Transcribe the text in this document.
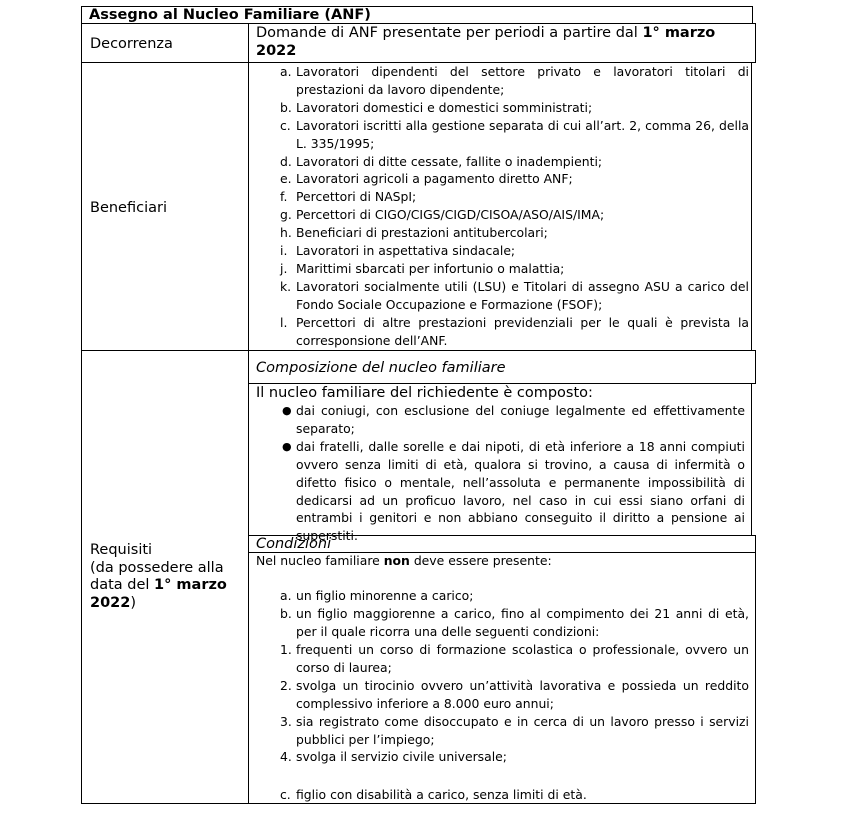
Assegno al Nucleo Familiare (ANF)
Decorrenza
Domande di ANF presentate per periodi a partire dal 1° marzo
2022
Beneficiari
a. Lavoratori dipendenti del settore privato e lavoratori titolari di prestazioni da lavoro dipendente;
b. Lavoratori domestici e domestici somministrati;
c. Lavoratori iscritti alla gestione separata di cui all’art. 2, comma 26, della L. 335/1995;
d. Lavoratori di ditte cessate, fallite o inadempienti;
e. Lavoratori agricoli a pagamento diretto ANF;
f. Percettori di NASpI;
g. Percettori di CIGO/CIGS/CIGD/CISOA/ASO/AIS/IMA;
h. Beneficiari di prestazioni antitubercolari;
i. Lavoratori in aspettativa sindacale;
j. Marittimi sbarcati per infortunio o malattia;
k. Lavoratori socialmente utili (LSU) e Titolari di assegno ASU a carico del Fondo Sociale Occupazione e Formazione (FSOF);
l. Percettori di altre prestazioni previdenziali per le quali è prevista la corresponsione dell’ANF.
Requisiti
(da possedere alla
data del 1° marzo
2022)
Composizione del nucleo familiare
Il nucleo familiare del richiedente è composto:
● dai coniugi, con esclusione del coniuge legalmente ed effettivamente separato;
● dai fratelli, dalle sorelle e dai nipoti, di età inferiore a 18 anni compiuti ovvero senza limiti di età, qualora si trovino, a causa di infermità o difetto fisico o mentale, nell’assoluta e permanente impossibilità di dedicarsi ad un proficuo lavoro, nel caso in cui essi siano orfani di entrambi i genitori e non abbiano conseguito il diritto a pensione ai superstiti.
Condizioni
Nel nucleo familiare non deve essere presente:
a. un figlio minorenne a carico;
b. un figlio maggiorenne a carico, fino al compimento dei 21 anni di età, per il quale ricorra una delle seguenti condizioni:
1. frequenti un corso di formazione scolastica o professionale, ovvero un corso di laurea;
2. svolga un tirocinio ovvero un’attività lavorativa e possieda un reddito complessivo inferiore a 8.000 euro annui;
3. sia registrato come disoccupato e in cerca di un lavoro presso i servizi pubblici per l’impiego;
4. svolga il servizio civile universale;
c. figlio con disabilità a carico, senza limiti di età.
